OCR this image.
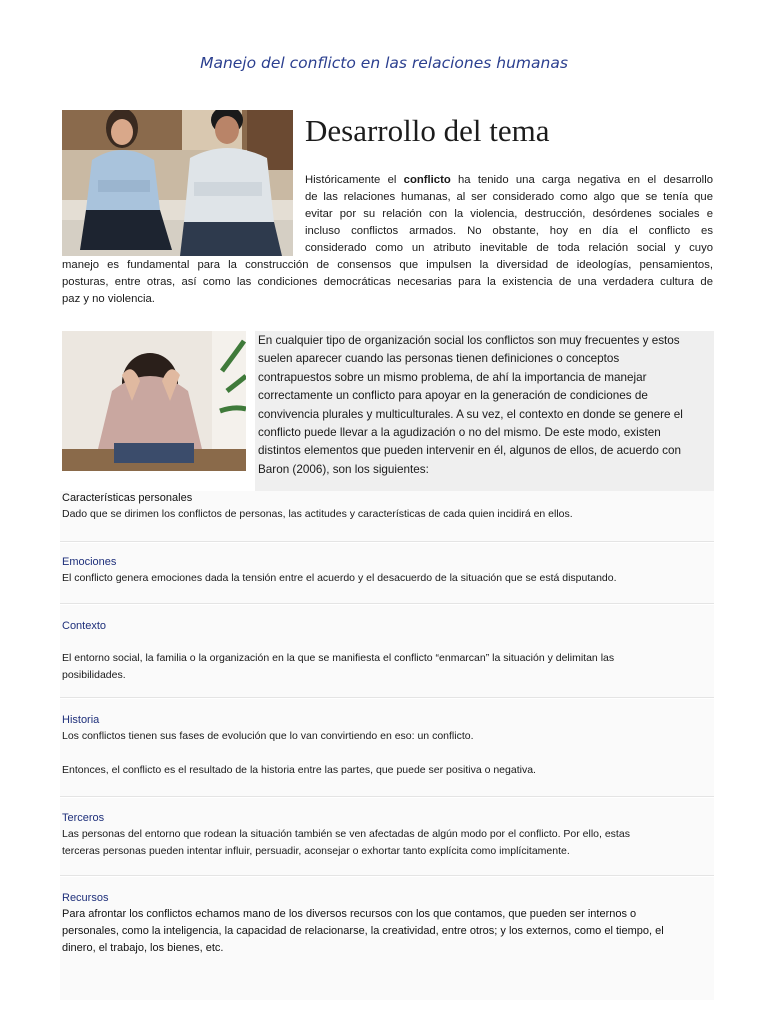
Manejo del conflicto en las relaciones humanas
Desarrollo del tema
Históricamente el conflicto ha tenido una carga negativa en el desarrollo
de las relaciones humanas, al ser considerado como algo que se tenía que
evitar por su relación con la violencia, destrucción, desórdenes sociales e
incluso conflictos armados. No obstante, hoy en día el conflicto es
considerado como un atributo inevitable de toda relación social y cuyo
manejo es fundamental para la construcción de consensos que impulsen la diversidad de ideologías, pensamientos,
posturas, entre otras, así como las condiciones democráticas necesarias para la existencia de una verdadera cultura de
paz y no violencia.
En cualquier tipo de organización social los conflictos son muy frecuentes y estos
suelen aparecer cuando las personas tienen definiciones o conceptos
contrapuestos sobre un mismo problema, de ahí la importancia de manejar
correctamente un conflicto para apoyar en la generación de condiciones de
convivencia plurales y multiculturales. A su vez, el contexto en donde se genere el
conflicto puede llevar a la agudización o no del mismo. De este modo, existen
distintos elementos que pueden intervenir en él, algunos de ellos, de acuerdo con
Baron (2006), son los siguientes:
Características personales
Dado que se dirimen los conflictos de personas, las actitudes y características de cada quien incidirá en ellos.
Emociones
El conflicto genera emociones dada la tensión entre el acuerdo y el desacuerdo de la situación que se está disputando.
Contexto
El entorno social, la familia o la organización en la que se manifiesta el conflicto “enmarcan” la situación y delimitan las
posibilidades.
Historia
Los conflictos tienen sus fases de evolución que lo van convirtiendo en eso: un conflicto.
Entonces, el conflicto es el resultado de la historia entre las partes, que puede ser positiva o negativa.
Terceros
Las personas del entorno que rodean la situación también se ven afectadas de algún modo por el conflicto. Por ello, estas
terceras personas pueden intentar influir, persuadir, aconsejar o exhortar tanto explícita como implícitamente.
Recursos
Para afrontar los conflictos echamos mano de los diversos recursos con los que contamos, que pueden ser internos o
personales, como la inteligencia, la capacidad de relacionarse, la creatividad, entre otros; y los externos, como el tiempo, el
dinero, el trabajo, los bienes, etc.
